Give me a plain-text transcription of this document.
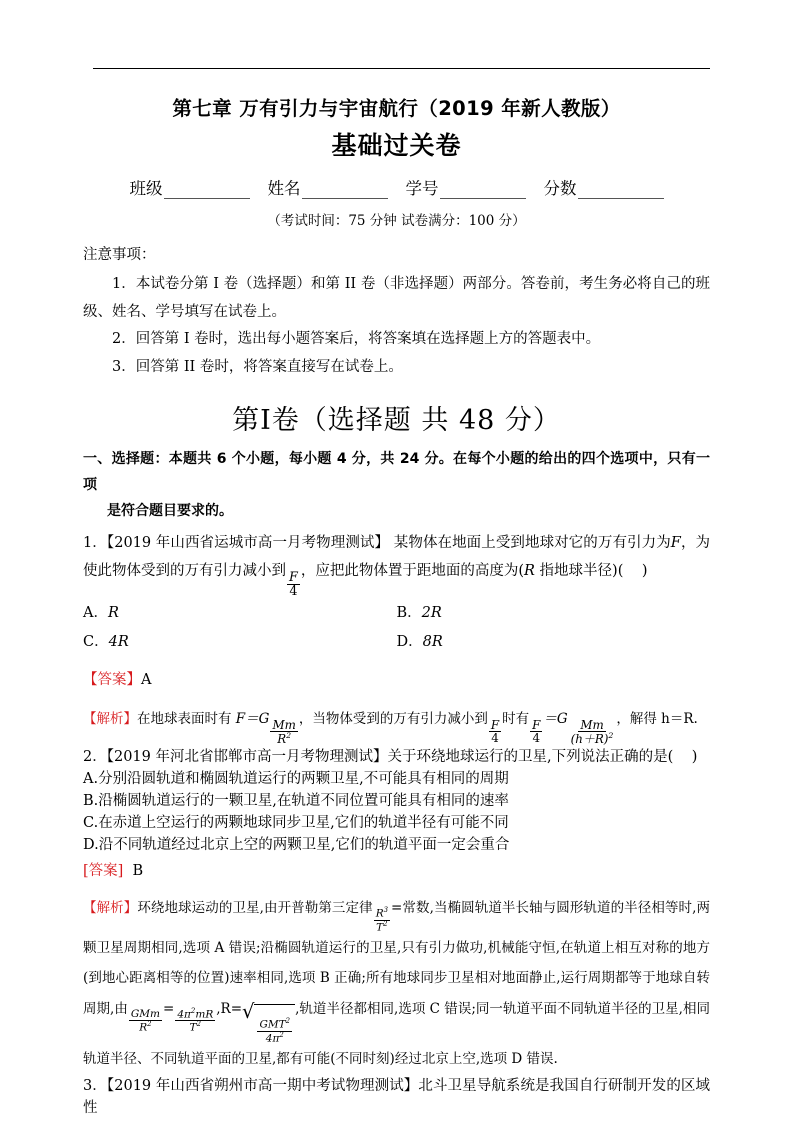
第七章 万有引力与宇宙航行（2019 年新人教版）
基础过关卷
班级	姓名	学号	分数
（考试时间：75 分钟 试卷满分：100 分）
注意事项：

1．本试卷分第 I 卷（选择题）和第 II 卷（非选择题）两部分。答卷前，考生务必将自己的班级、姓名、学号填写在试卷上。

2．回答第 I 卷时，选出每小题答案后，将答案填在选择题上方的答题表中。

3．回答第 II 卷时，将答案直接写在试卷上。

第Ⅰ卷（选择题 共 48 分）

一、选择题：本题共 6 个小题，每小题 4 分，共 24 分。在每个小题的给出的四个选项中，只有一项
是符合题目要求的。

1．【2019 年山西省运城市高一月考物理测试】 某物体在地面上受到地球对它的万有引力为F，为使此物体受到的万有引力减小到
$\frac{F}{4}$
，应把此物体置于距地面的高度为(R 指地球半径)( )

A．R	B．2R
C．4R	D．8R
【答案】A
【解析】在地球表面时有 $F=G \frac{Mm}{R^2}$ ，当物体受到的万有引力减小到 $\frac{F}{4}$ 时有 $\frac{F}{4} =G \frac{Mm}{(h+R)^2}$ ，解得 h＝R.

2．【2019 年河北省邯郸市高一月考物理测试】关于环绕地球运行的卫星,下列说法正确的是( )

A.分别沿圆轨道和椭圆轨道运行的两颗卫星,不可能具有相同的周期

B.沿椭圆轨道运行的一颗卫星,在轨道不同位置可能具有相同的速率

C.在赤道上空运行的两颗地球同步卫星,它们的轨道半径有可能不同

D.沿不同轨道经过北京上空的两颗卫星,它们的轨道平面一定会重合

[答案] B
【解析】环绕地球运动的卫星,由开普勒第三定律 $\frac{R^3}{T^2}$ =常数,当椭圆轨道半长轴与圆形轨道的半径相等时,两颗卫星周期相同,选项 A 错误;沿椭圆轨道运行的卫星,只有引力做功,机械能守恒,在轨道上相互对称的地方(到地心距离相等的位置)速率相同,选项 B 正确;所有地球同步卫星相对地面静止,运行周期都等于地球自转周期,由
$\frac{\text{GMm}}{R^2}$
= $\frac{4\pi^2mR}{T^2} ,R=$ √
$\frac{GMT^2}{4\pi^2}$
,轨道半径都相同,选项 C 错误;同一轨道平面不同轨道半径的卫星,相同轨道半径、不同轨道平面的卫星,都有可能(不同时刻)经过北京上空,选项 D 错误.

3．【2019 年山西省朔州市高一期中考试物理测试】北斗卫星导航系统是我国自行研制开发的区域性
